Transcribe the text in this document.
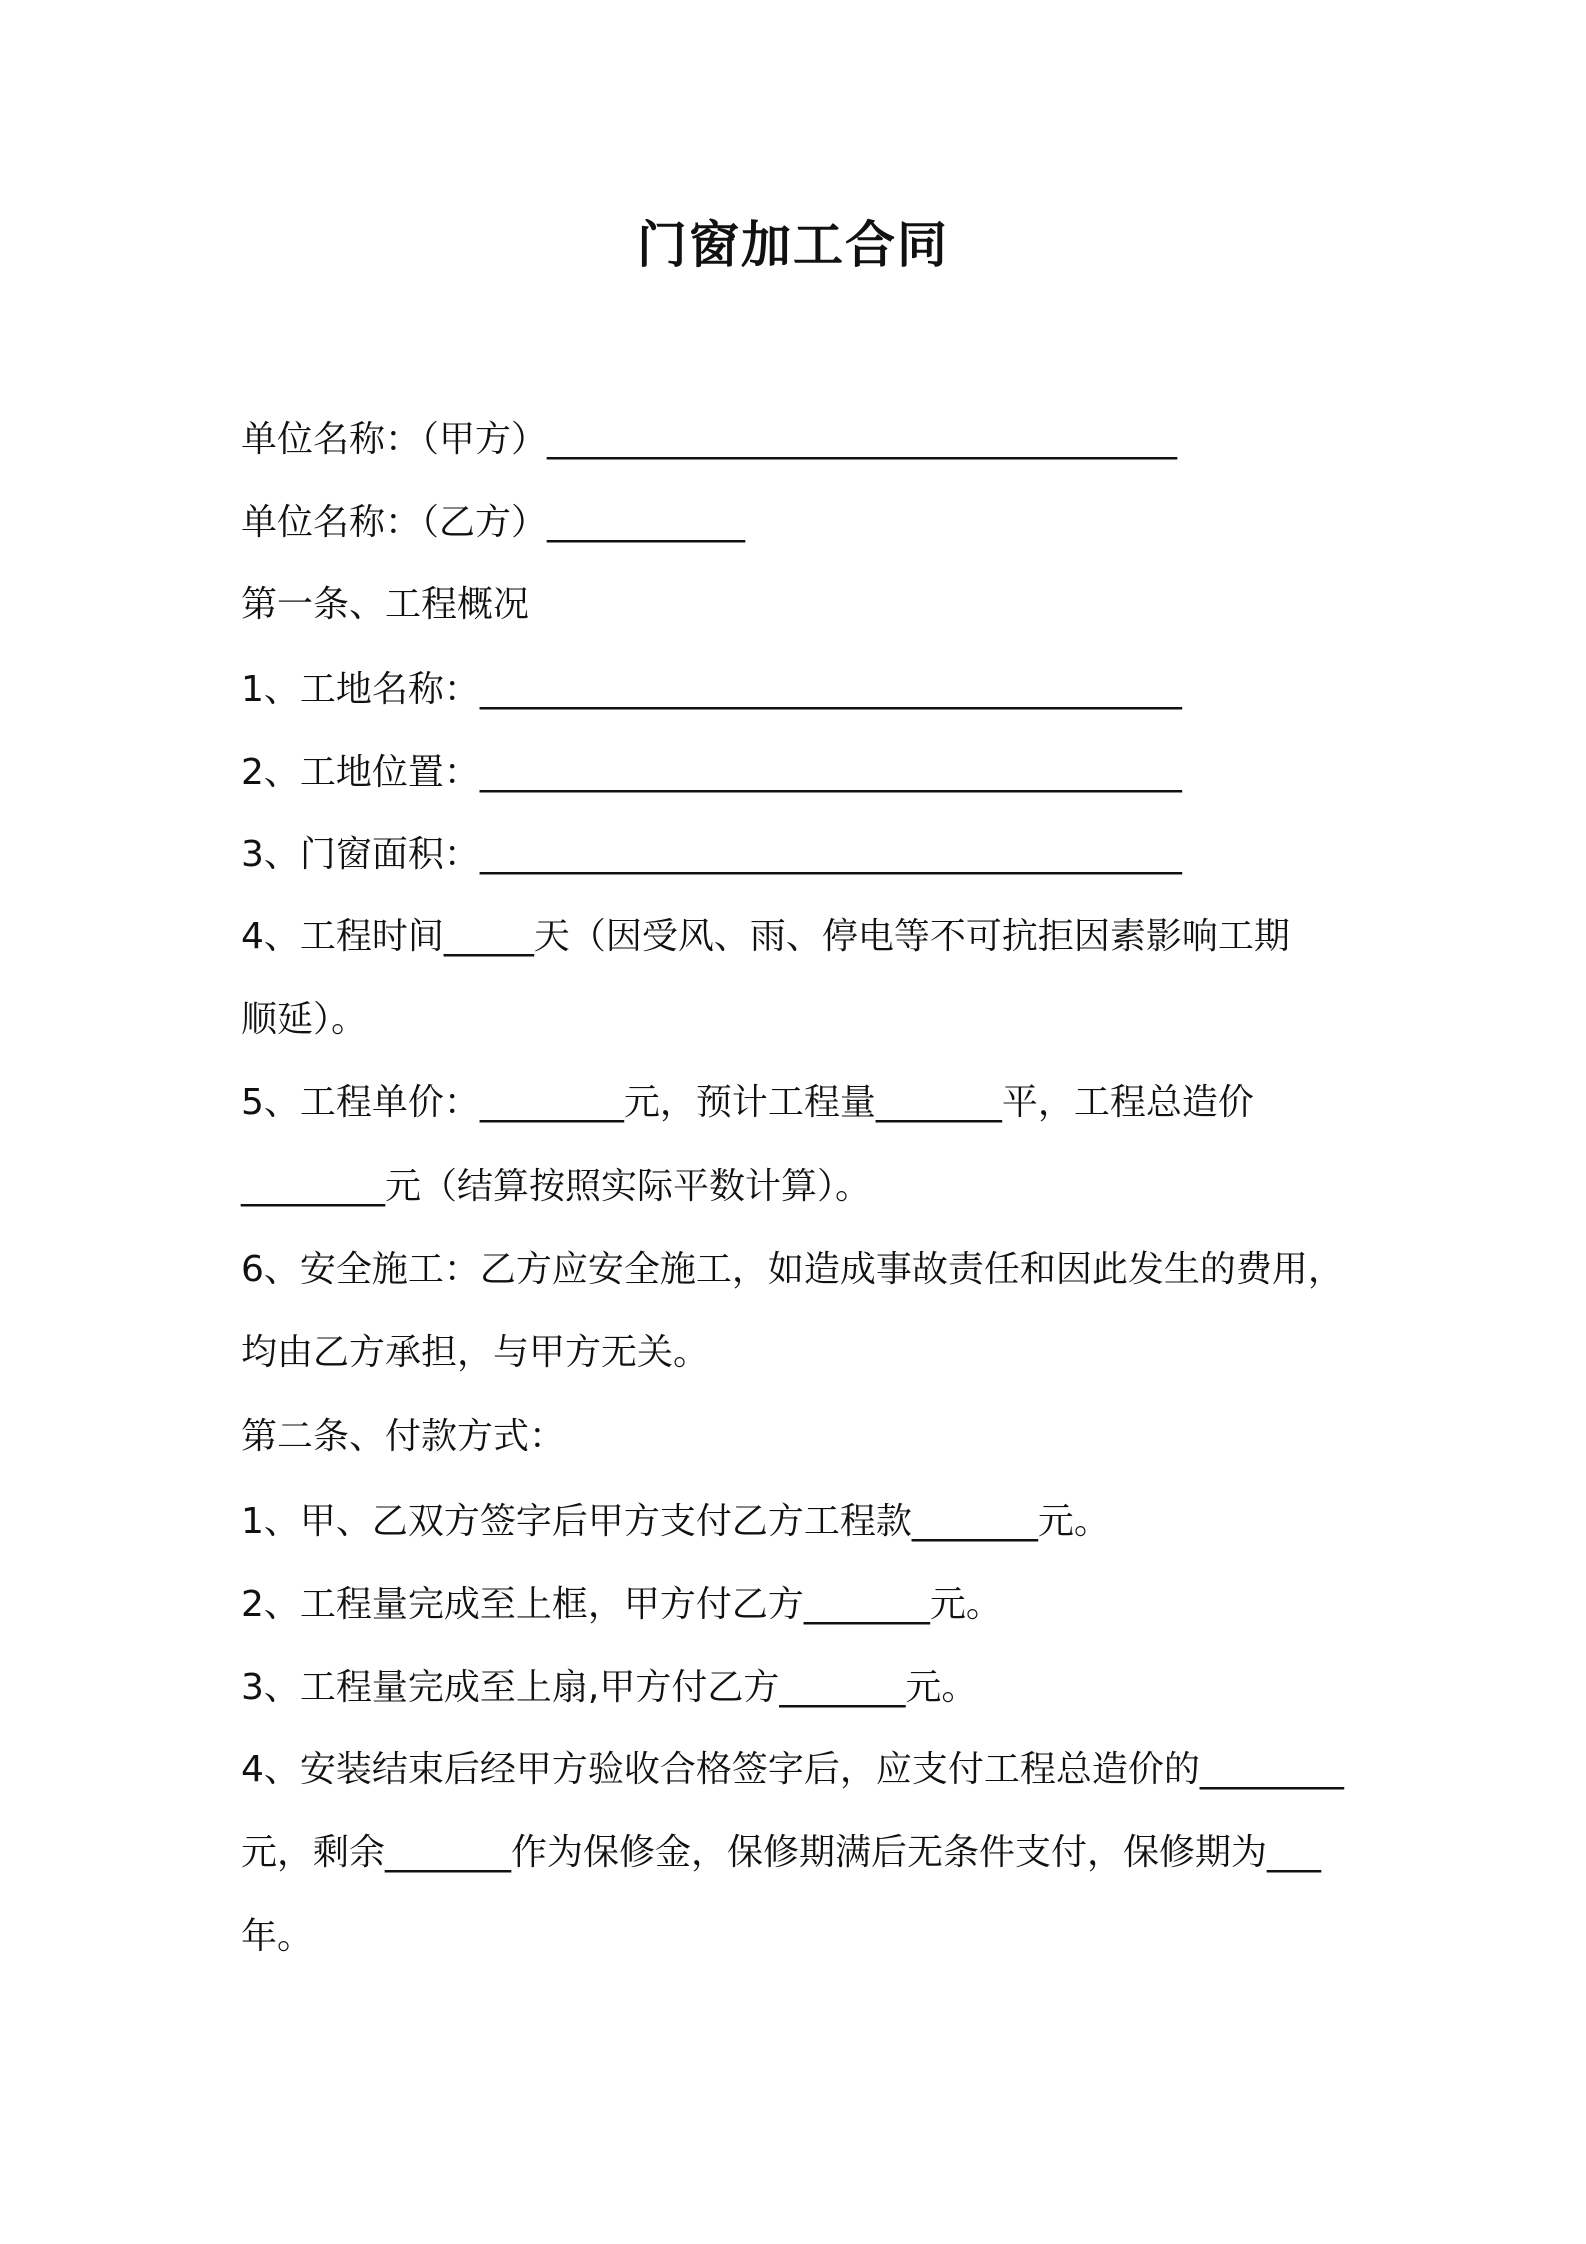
门窗加工合同
单位名称：（甲方）___________________________________
单位名称：（乙方）___________
第一条、工程概况
1、工地名称：_______________________________________
2、工地位置：_______________________________________
3、门窗面积：_______________________________________
4、工程时间_____天（因受风、雨、停电等不可抗拒因素影响工期
顺延）。
5、工程单价：________元，预计工程量_______平，工程总造价
________元（结算按照实际平数计算）。
6、安全施工：乙方应安全施工，如造成事故责任和因此发生的费用，
均由乙方承担，与甲方无关。
第二条、付款方式：
1、甲、乙双方签字后甲方支付乙方工程款_______元。
2、工程量完成至上框，甲方付乙方_______元。
3、工程量完成至上扇,甲方付乙方_______元。
4、安装结束后经甲方验收合格签字后，应支付工程总造价的________
元，剩余_______作为保修金，保修期满后无条件支付，保修期为___
年。
